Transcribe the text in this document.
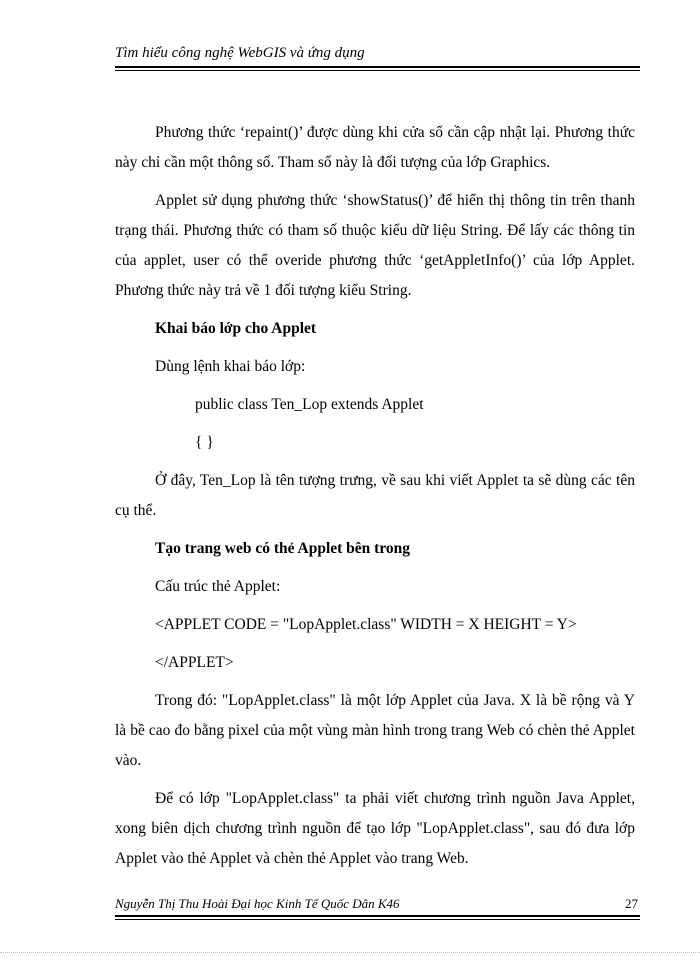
Tìm hiểu công nghệ WebGIS và ứng dụng

Phương thức ‘repaint()’ được dùng khi cửa sổ cần cập nhật lại. Phương thức này chỉ cần một thông số. Tham số này là đối tượng của lớp Graphics.

Applet sử dụng phương thức ‘showStatus()’ để hiển thị thông tin trên thanh trạng thái. Phương thức có tham số thuộc kiểu dữ liệu String. Để lấy các thông tin của applet, user có thể overide phương thức ‘getAppletInfo()’ của lớp Applet. Phương thức này trả về 1 đối tượng kiểu String.

Khai báo lớp cho Applet

Dùng lệnh khai báo lớp:

public class Ten_Lop extends Applet

{ }

Ở đây, Ten_Lop là tên tượng trưng, về sau khi viết Applet ta sẽ dùng các tên cụ thể.

Tạo trang web có thẻ Applet bên trong

Cấu trúc thẻ Applet:

<APPLET CODE = "LopApplet.class" WIDTH = X HEIGHT = Y>

</APPLET>

Trong đó: "LopApplet.class" là một lớp Applet của Java. X là bề rộng và Y là bề cao đo bằng pixel của một vùng màn hình trong trang Web có chèn thẻ Applet vào.

Để có lớp "LopApplet.class" ta phải viết chương trình nguồn Java Applet, xong biên dịch chương trình nguồn để tạo lớp "LopApplet.class", sau đó đưa lớp Applet vào thẻ Applet và chèn thẻ Applet vào trang Web.

Nguyễn Thị Thu Hoài Đại học Kinh Tế Quốc Dân K46	27
